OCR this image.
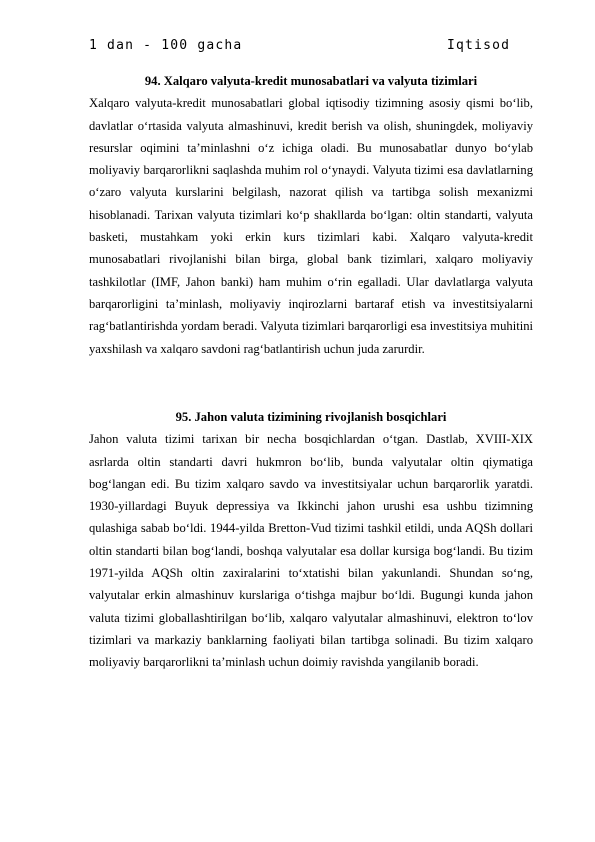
1 dan - 100 gacha	Iqtisod

94. Xalqaro valyuta-kredit munosabatlari va valyuta tizimlari

Xalqaro valyuta-kredit munosabatlari global iqtisodiy tizimning asosiy qismi bo‘lib, davlatlar o‘rtasida valyuta almashinuvi, kredit berish va olish, shuningdek, moliyaviy resurslar oqimini ta’minlashni o‘z ichiga oladi. Bu munosabatlar dunyo bo‘ylab moliyaviy barqarorlikni saqlashda muhim rol o‘ynaydi. Valyuta tizimi esa davlatlarning o‘zaro valyuta kurslarini belgilash, nazorat qilish va tartibga solish mexanizmi hisoblanadi. Tarixan valyuta tizimlari ko‘p shakllarda bo‘lgan: oltin standarti, valyuta basketi, mustahkam yoki erkin kurs tizimlari kabi. Xalqaro valyuta-kredit munosabatlari rivojlanishi bilan birga, global bank tizimlari, xalqaro moliyaviy tashkilotlar (IMF, Jahon banki) ham muhim o‘rin egalladi. Ular davlatlarga valyuta barqarorligini ta’minlash, moliyaviy inqirozlarni bartaraf etish va investitsiyalarni rag‘batlantirishda yordam beradi. Valyuta tizimlari barqarorligi esa investitsiya muhitini yaxshilash va xalqaro savdoni rag‘batlantirish uchun juda zarurdir.

95. Jahon valuta tizimining rivojlanish bosqichlari

Jahon valuta tizimi tarixan bir necha bosqichlardan o‘tgan. Dastlab, XVIII-XIX asrlarda oltin standarti davri hukmron bo‘lib, bunda valyutalar oltin qiymatiga bog‘langan edi. Bu tizim xalqaro savdo va investitsiyalar uchun barqarorlik yaratdi. 1930-yillardagi Buyuk depressiya va Ikkinchi jahon urushi esa ushbu tizimning qulashiga sabab bo‘ldi. 1944-yilda Bretton-Vud tizimi tashkil etildi, unda AQSh dollari oltin standarti bilan bog‘landi, boshqa valyutalar esa dollar kursiga bog‘landi. Bu tizim 1971-yilda AQSh oltin zaxiralarini to‘xtatishi bilan yakunlandi. Shundan so‘ng, valyutalar erkin almashinuv kurslariga o‘tishga majbur bo‘ldi. Bugungi kunda jahon valuta tizimi globallashtirilgan bo‘lib, xalqaro valyutalar almashinuvi, elektron to‘lov tizimlari va markaziy banklarning faoliyati bilan tartibga solinadi. Bu tizim xalqaro moliyaviy barqarorlikni ta’minlash uchun doimiy ravishda yangilanib boradi.
